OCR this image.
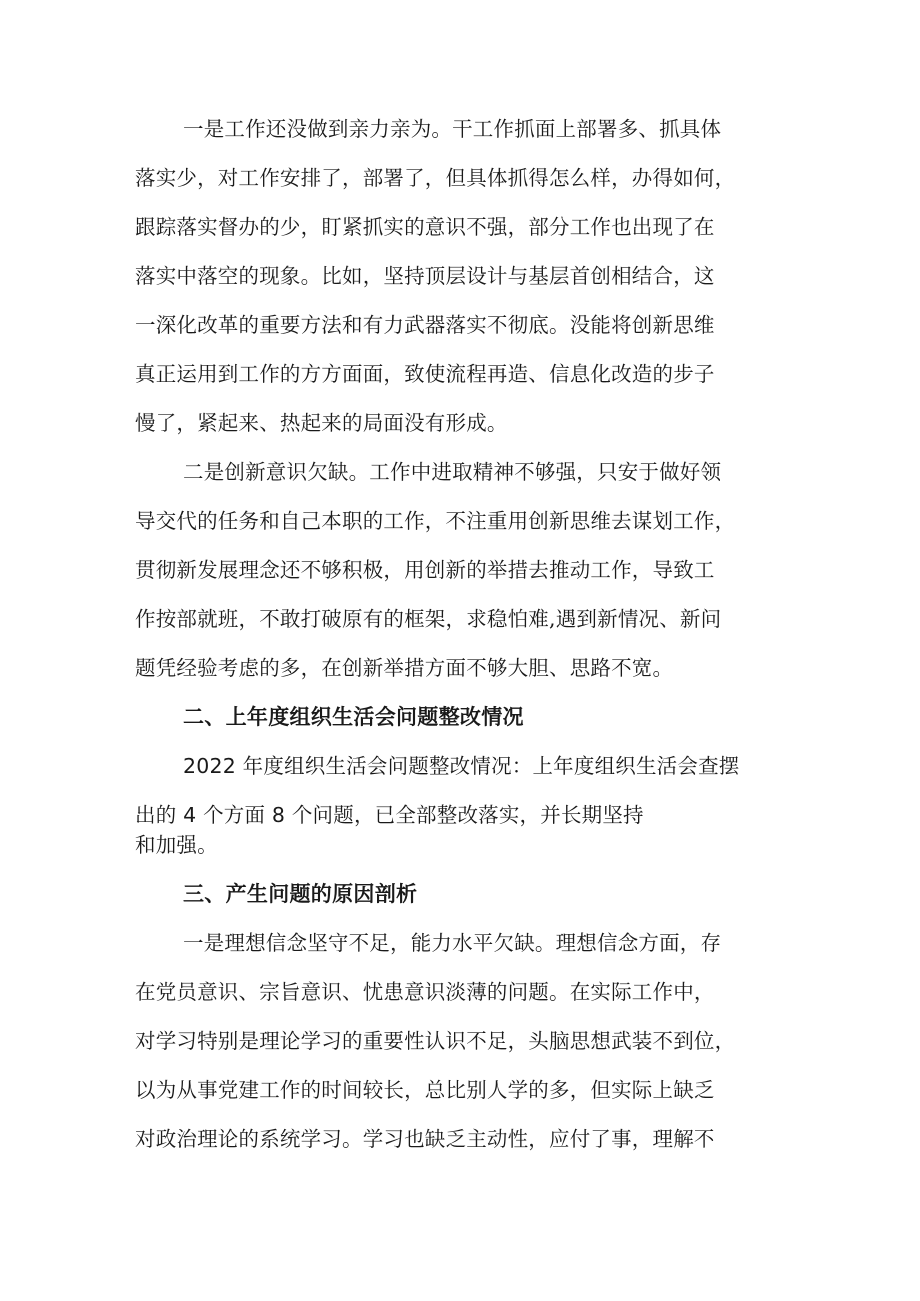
一是工作还没做到亲力亲为。干工作抓面上部署多、抓具体
落实少，对工作安排了，部署了，但具体抓得怎么样，办得如何，
跟踪落实督办的少，盯紧抓实的意识不强，部分工作也出现了在
落实中落空的现象。比如，坚持顶层设计与基层首创相结合，这
一深化改革的重要方法和有力武器落实不彻底。没能将创新思维
真正运用到工作的方方面面，致使流程再造、信息化改造的步子
慢了，紧起来、热起来的局面没有形成。
二是创新意识欠缺。工作中进取精神不够强，只安于做好领
导交代的任务和自己本职的工作，不注重用创新思维去谋划工作，
贯彻新发展理念还不够积极，用创新的举措去推动工作，导致工
作按部就班，不敢打破原有的框架，求稳怕难,遇到新情况、新问
题凭经验考虑的多，在创新举措方面不够大胆、思路不宽。
二、上年度组织生活会问题整改情况
2022 年度组织生活会问题整改情况：上年度组织生活会查摆
出的 4 个方面 8 个问题，已全部整改落实，并长期坚持
和加强。
三、产生问题的原因剖析
一是理想信念坚守不足，能力水平欠缺。理想信念方面，存
在党员意识、宗旨意识、忧患意识淡薄的问题。在实际工作中，
对学习特别是理论学习的重要性认识不足，头脑思想武装不到位，
以为从事党建工作的时间较长，总比别人学的多，但实际上缺乏
对政治理论的系统学习。学习也缺乏主动性，应付了事，理解不
